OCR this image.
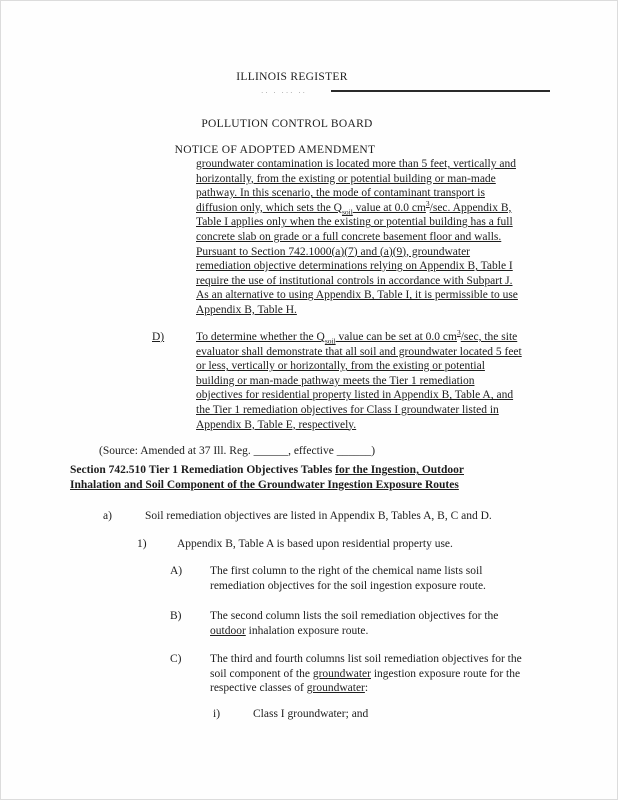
ILLINOIS REGISTER
·· · ··· ··
POLLUTION CONTROL BOARD
NOTICE OF ADOPTED AMENDMENT
groundwater contamination is located more than 5 feet, vertically and horizontally, from the existing or potential building or man-made pathway. In this scenario, the mode of contaminant transport is diffusion only, which sets the $Q_{soil}$ value at 0.0 $cm^3/\sec$. Appendix B, Table I applies only when the existing or potential building has a full concrete slab on grade or a full concrete basement floor and walls. Pursuant to Section 742.1000(a)(7) and (a)(9), groundwater remediation objective determinations relying on Appendix B, Table I require the use of institutional controls in accordance with Subpart J. As an alternative to using Appendix B, Table I, it is permissible to use Appendix B, Table H.
D)	To determine whether the $Q_{soil}$ value can be set at 0.0 $cm^3/\sec$, the site evaluator shall demonstrate that all soil and groundwater located 5 feet or less, vertically or horizontally, from the existing or potential building or man-made pathway meets the Tier 1 remediation objectives for residential property listed in Appendix B, Table A, and the Tier 1 remediation objectives for Class I groundwater listed in Appendix B, Table E, respectively.
(Source: Amended at 37 Ill. Reg. ______, effective ______)
Section 742.510 Tier 1 Remediation Objectives Tables for the Ingestion, Outdoor
Inhalation and Soil Component of the Groundwater Ingestion Exposure Routes
a)	Soil remediation objectives are listed in Appendix B, Tables A, B, C and D.
1)	Appendix B, Table A is based upon residential property use.
A) The first column to the right of the chemical name lists soil remediation objectives for the soil ingestion exposure route.
B) The second column lists the soil remediation objectives for the outdoor inhalation exposure route.
C) The third and fourth columns list soil remediation objectives for the soil component of the groundwater ingestion exposure route for the respective classes of groundwater:
i)	Class I groundwater; and
